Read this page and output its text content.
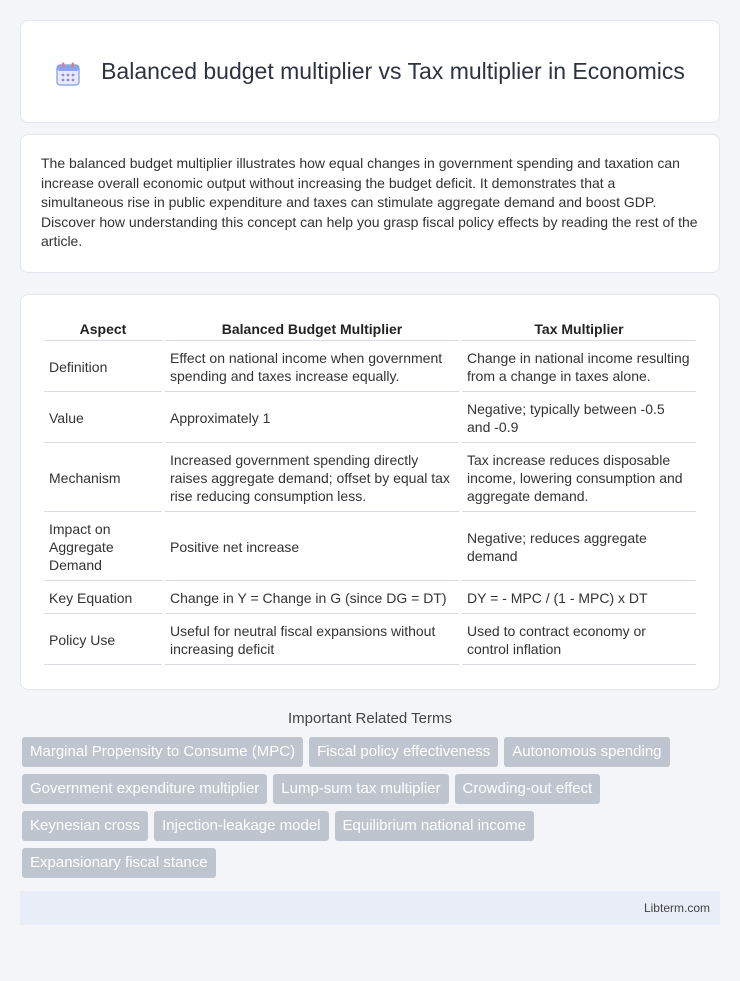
Balanced budget multiplier vs Tax multiplier in Economics

The balanced budget multiplier illustrates how equal changes in government spending and taxation can increase overall economic output without increasing the budget deficit. It demonstrates that a simultaneous rise in public expenditure and taxes can stimulate aggregate demand and boost GDP. Discover how understanding this concept can help you grasp fiscal policy effects by reading the rest of the article.

Aspect	Balanced Budget Multiplier	Tax Multiplier
Definition	Effect on national income when government spending and taxes increase equally.	Change in national income resulting from a change in taxes alone.
Value	Approximately 1	Negative; typically between -0.5 and -0.9
Mechanism	Increased government spending directly raises aggregate demand; offset by equal tax rise reducing consumption less.	Tax increase reduces disposable income, lowering consumption and aggregate demand.
Impact on Aggregate Demand	Positive net increase	Negative; reduces aggregate demand
Key Equation	Change in Y = Change in G (since DG = DT)	DY = - MPC / (1 - MPC) x DT
Policy Use	Useful for neutral fiscal expansions without increasing deficit	Used to contract economy or control inflation

Important Related Terms

Marginal Propensity to Consume (MPC)	Fiscal policy effectiveness	Autonomous spending
Government expenditure multiplier	Lump-sum tax multiplier	Crowding-out effect
Keynesian cross	Injection-leakage model	Equilibrium national income
Expansionary fiscal stance
Libterm.com
